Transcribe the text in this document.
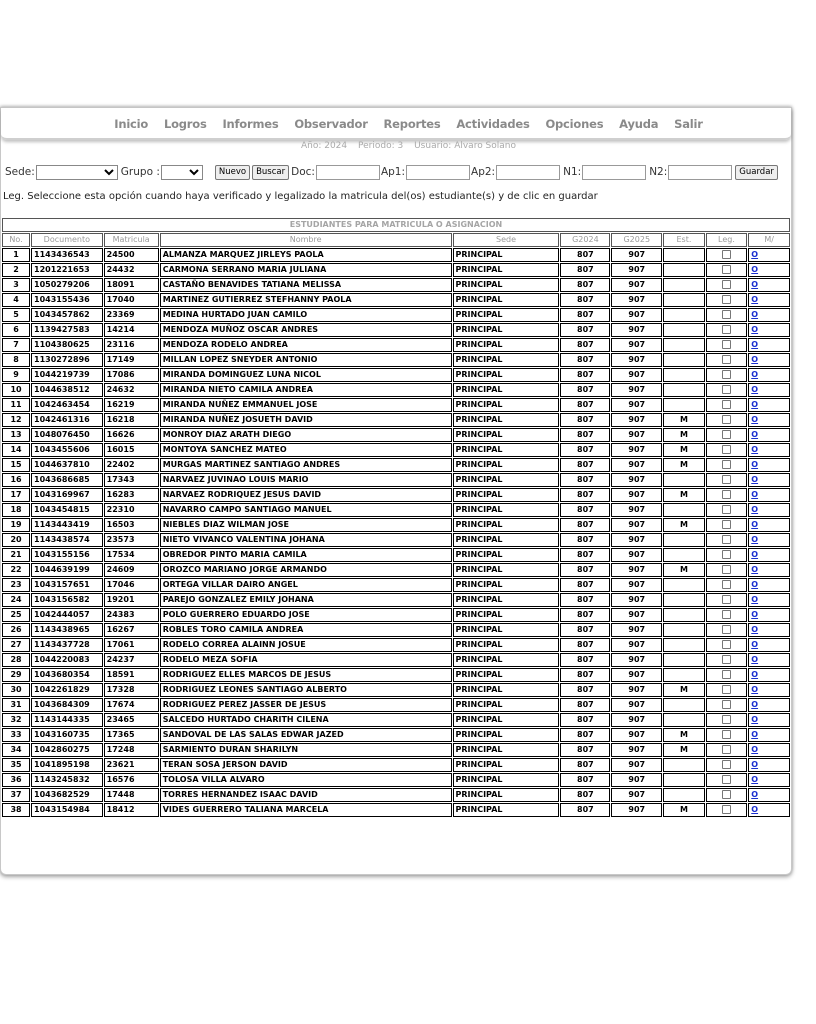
Inicio Logros Informes Observador Reportes Actividades Opciones Ayuda Salir
Año: 2024 Periodo: 3 Usuario: Alvaro Solano
Sede:	Grupo :	Nuevo	Buscar Doc:	Ap1:	Ap2:	N1:	N2:	Guardar
Leg. Seleccione esta opción cuando haya verificado y legalizado la matricula del(os) estudiante(s) y de clic en guardar
ESTUDIANTES PARA MATRICULA O ASIGNACION									
No.	Documento	Matricula	Nombre	Sede	G2024	G2025	Est.	Leg.	M/
1	1143436543	24500	ALMANZA MARQUEZ JIRLEYS PAOLA	PRINCIPAL	807	907			O
2	1201221653	24432	CARMONA SERRANO MARIA JULIANA	PRINCIPAL	807	907			O
3	1050279206	18091	CASTAÑO BENAVIDES TATIANA MELISSA	PRINCIPAL	807	907			O
4	1043155436	17040	MARTINEZ GUTIERREZ STEFHANNY PAOLA	PRINCIPAL	807	907			O
5	1043457862	23369	MEDINA HURTADO JUAN CAMILO	PRINCIPAL	807	907			O
6	1139427583	14214	MENDOZA MUÑOZ OSCAR ANDRES	PRINCIPAL	807	907			O
7	1104380625	23116	MENDOZA RODELO ANDREA	PRINCIPAL	807	907			O
8	1130272896	17149	MILLAN LOPEZ SNEYDER ANTONIO	PRINCIPAL	807	907			O
9	1044219739	17086	MIRANDA DOMINGUEZ LUNA NICOL	PRINCIPAL	807	907			O
10	1044638512	24632	MIRANDA NIETO CAMILA ANDREA	PRINCIPAL	807	907			O
11	1042463454	16219	MIRANDA NUÑEZ EMMANUEL JOSE	PRINCIPAL	807	907			O
12	1042461316	16218	MIRANDA NUÑEZ JOSUETH DAVID	PRINCIPAL	807	907	M		O
13	1048076450	16626	MONROY DIAZ ARATH DIEGO	PRINCIPAL	807	907	M		O
14	1043455606	16015	MONTOYA SANCHEZ MATEO	PRINCIPAL	807	907	M		O
15	1044637810	22402	MURGAS MARTINEZ SANTIAGO ANDRES	PRINCIPAL	807	907	M		O
16	1043686685	17343	NARVAEZ JUVINAO LOUIS MARIO	PRINCIPAL	807	907			O
17	1043169967	16283	NARVAEZ RODRIQUEZ JESUS DAVID	PRINCIPAL	807	907	M		O
18	1043454815	22310	NAVARRO CAMPO SANTIAGO MANUEL	PRINCIPAL	807	907			O
19	1143443419	16503	NIEBLES DIAZ WILMAN JOSE	PRINCIPAL	807	907	M		O
20	1143438574	23573	NIETO VIVANCO VALENTINA JOHANA	PRINCIPAL	807	907			O
21	1043155156	17534	OBREDOR PINTO MARIA CAMILA	PRINCIPAL	807	907			O
22	1044639199	24609	OROZCO MARIANO JORGE ARMANDO	PRINCIPAL	807	907	M		O
23	1043157651	17046	ORTEGA VILLAR DAIRO ANGEL	PRINCIPAL	807	907			O
24	1043156582	19201	PAREJO GONZALEZ EMILY JOHANA	PRINCIPAL	807	907			O
25	1042444057	24383	POLO GUERRERO EDUARDO JOSE	PRINCIPAL	807	907			O
26	1143438965	16267	ROBLES TORO CAMILA ANDREA	PRINCIPAL	807	907			O
27	1143437728	17061	RODELO CORREA ALAINN JOSUE	PRINCIPAL	807	907			O
28	1044220083	24237	RODELO MEZA SOFIA	PRINCIPAL	807	907			O
29	1043680354	18591	RODRIGUEZ ELLES MARCOS DE JESUS	PRINCIPAL	807	907			O
30	1042261829	17328	RODRIGUEZ LEONES SANTIAGO ALBERTO	PRINCIPAL	807	907	M		O
31	1043684309	17674	RODRIGUEZ PEREZ JASSER DE JESUS	PRINCIPAL	807	907			O
32	1143144335	23465	SALCEDO HURTADO CHARITH CILENA	PRINCIPAL	807	907			O
33	1043160735	17365	SANDOVAL DE LAS SALAS EDWAR JAZED	PRINCIPAL	807	907	M		O
34	1042860275	17248	SARMIENTO DURAN SHARILYN	PRINCIPAL	807	907	M		O
35	1041895198	23621	TERAN SOSA JERSON DAVID	PRINCIPAL	807	907			O
36	1143245832	16576	TOLOSA VILLA ALVARO	PRINCIPAL	807	907			O
37	1043682529	17448	TORRES HERNANDEZ ISAAC DAVID	PRINCIPAL	807	907			O
38	1043154984	18412	VIDES GUERRERO TALIANA MARCELA	PRINCIPAL	807	907	M		O
